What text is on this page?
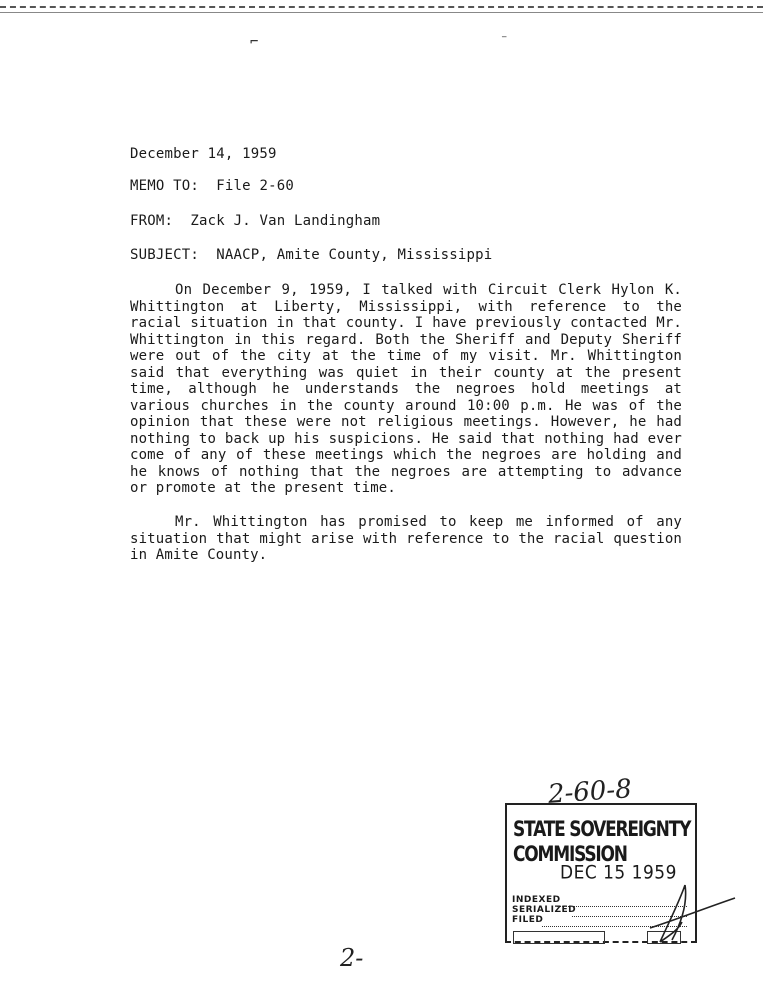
⌐	⁻
December 14, 1959
MEMO TO: File 2-60
FROM: Zack J. Van Landingham
SUBJECT: NAACP, Amite County, Mississippi

On December 9, 1959, I talked with Circuit Clerk Hylon K. Whittington at Liberty, Mississippi, with reference to the racial situation in that county. I have previously contacted Mr. Whittington in this regard. Both the Sheriff and Deputy Sheriff were out of the city at the time of my visit. Mr. Whittington said that everything was quiet in their county at the present time, although he understands the negroes hold meetings at various churches in the county around 10:00 p.m. He was of the opinion that these were not religious meetings. However, he had nothing to back up his suspicions. He said that nothing had ever come of any of these meetings which the negroes are holding and he knows of nothing that the negroes are attempting to advance or promote at the present time.

Mr. Whittington has promised to keep me informed of any situation that might arise with reference to the racial question in Amite County.

2-60-8
STATE SOVEREIGNTY COMMISSION
DEC 15 1959
INDEXED
SERIALIZED
FILED
2-
